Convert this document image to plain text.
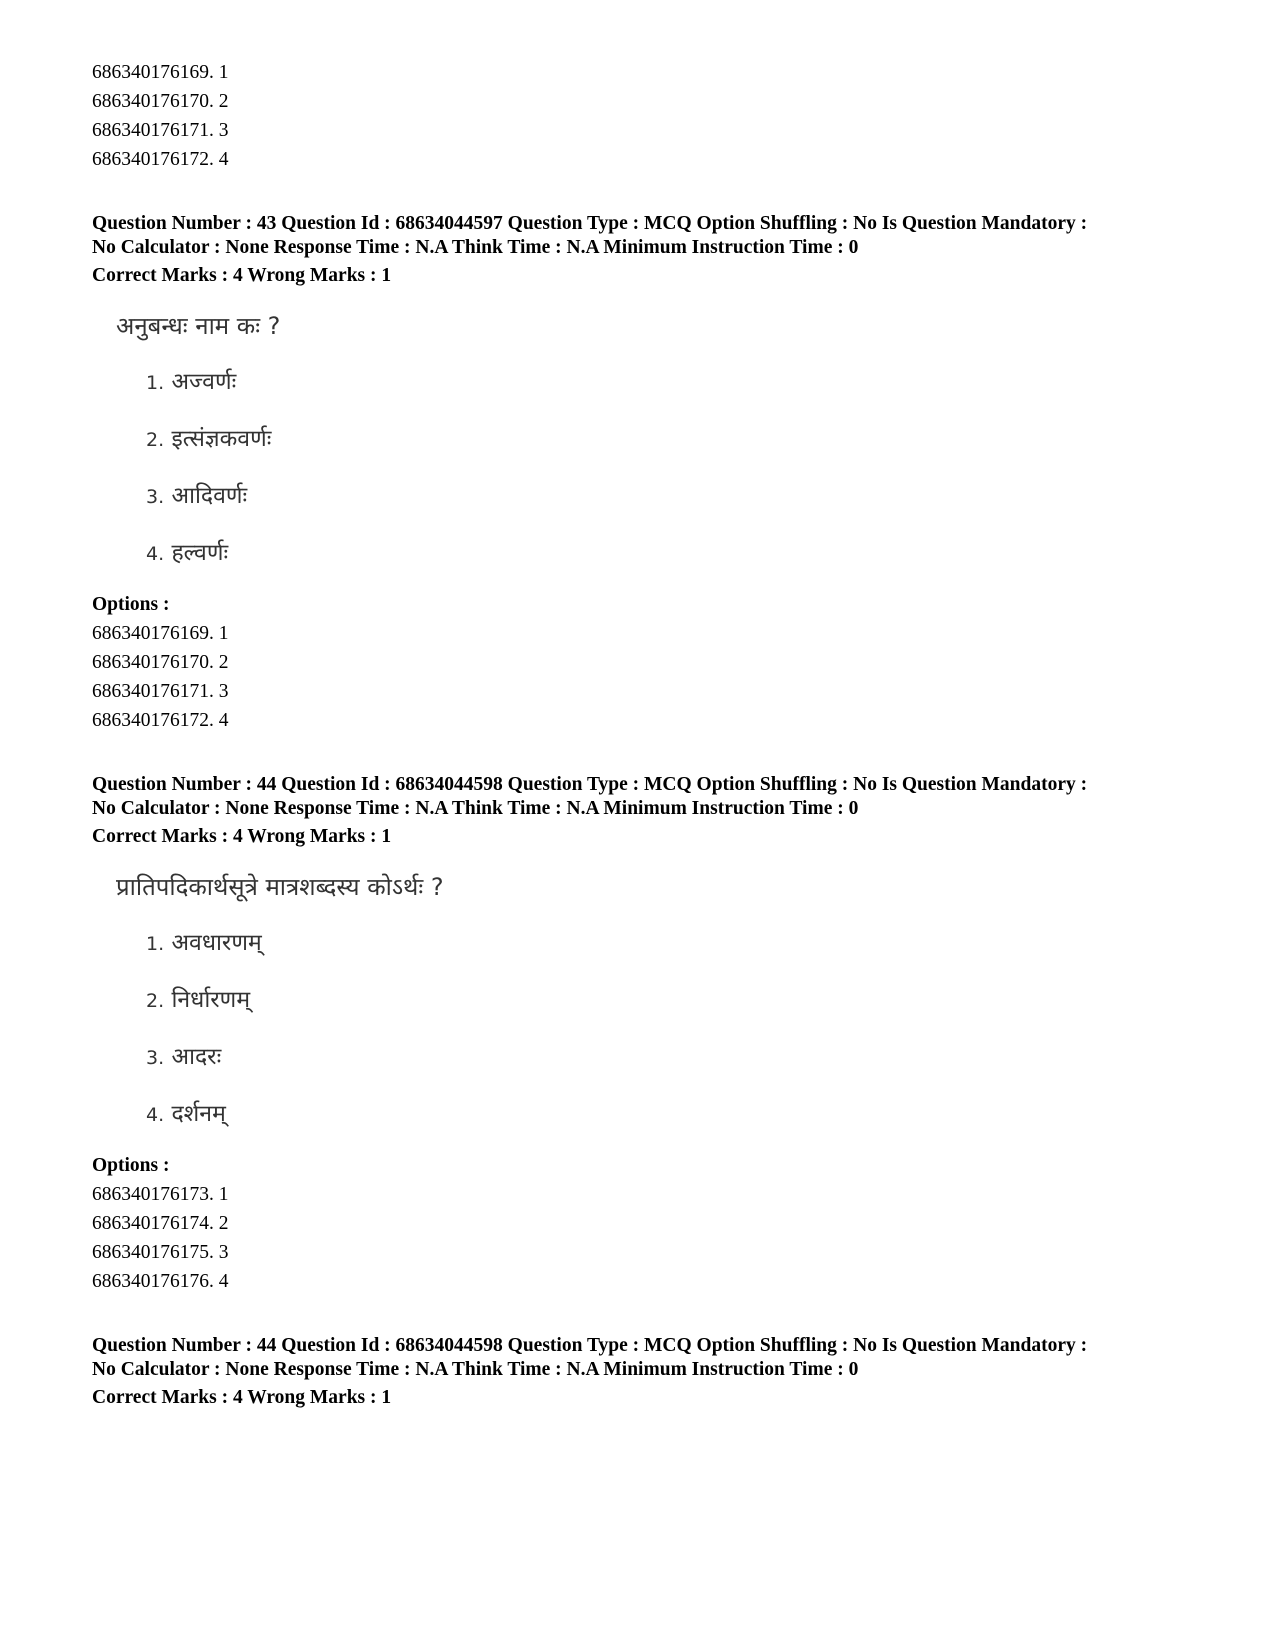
686340176169. 1
686340176170. 2
686340176171. 3
686340176172. 4
Question Number : 43 Question Id : 68634044597 Question Type : MCQ Option Shuffling : No Is Question Mandatory :
No Calculator : None Response Time : N.A Think Time : N.A Minimum Instruction Time : 0
Correct Marks : 4 Wrong Marks : 1
अनुबन्धः नाम कः ?
1. अज्वर्णः
2. इत्संज्ञकवर्णः
3. आदिवर्णः
4. हल्वर्णः
Options :
686340176169. 1
686340176170. 2
686340176171. 3
686340176172. 4
Question Number : 44 Question Id : 68634044598 Question Type : MCQ Option Shuffling : No Is Question Mandatory :
No Calculator : None Response Time : N.A Think Time : N.A Minimum Instruction Time : 0
Correct Marks : 4 Wrong Marks : 1
प्रातिपदिकार्थसूत्रे मात्रशब्दस्य कोऽर्थः ?
1. अवधारणम्
2. निर्धारणम्
3. आदरः
4. दर्शनम्
Options :
686340176173. 1
686340176174. 2
686340176175. 3
686340176176. 4
Question Number : 44 Question Id : 68634044598 Question Type : MCQ Option Shuffling : No Is Question Mandatory :
No Calculator : None Response Time : N.A Think Time : N.A Minimum Instruction Time : 0
Correct Marks : 4 Wrong Marks : 1
